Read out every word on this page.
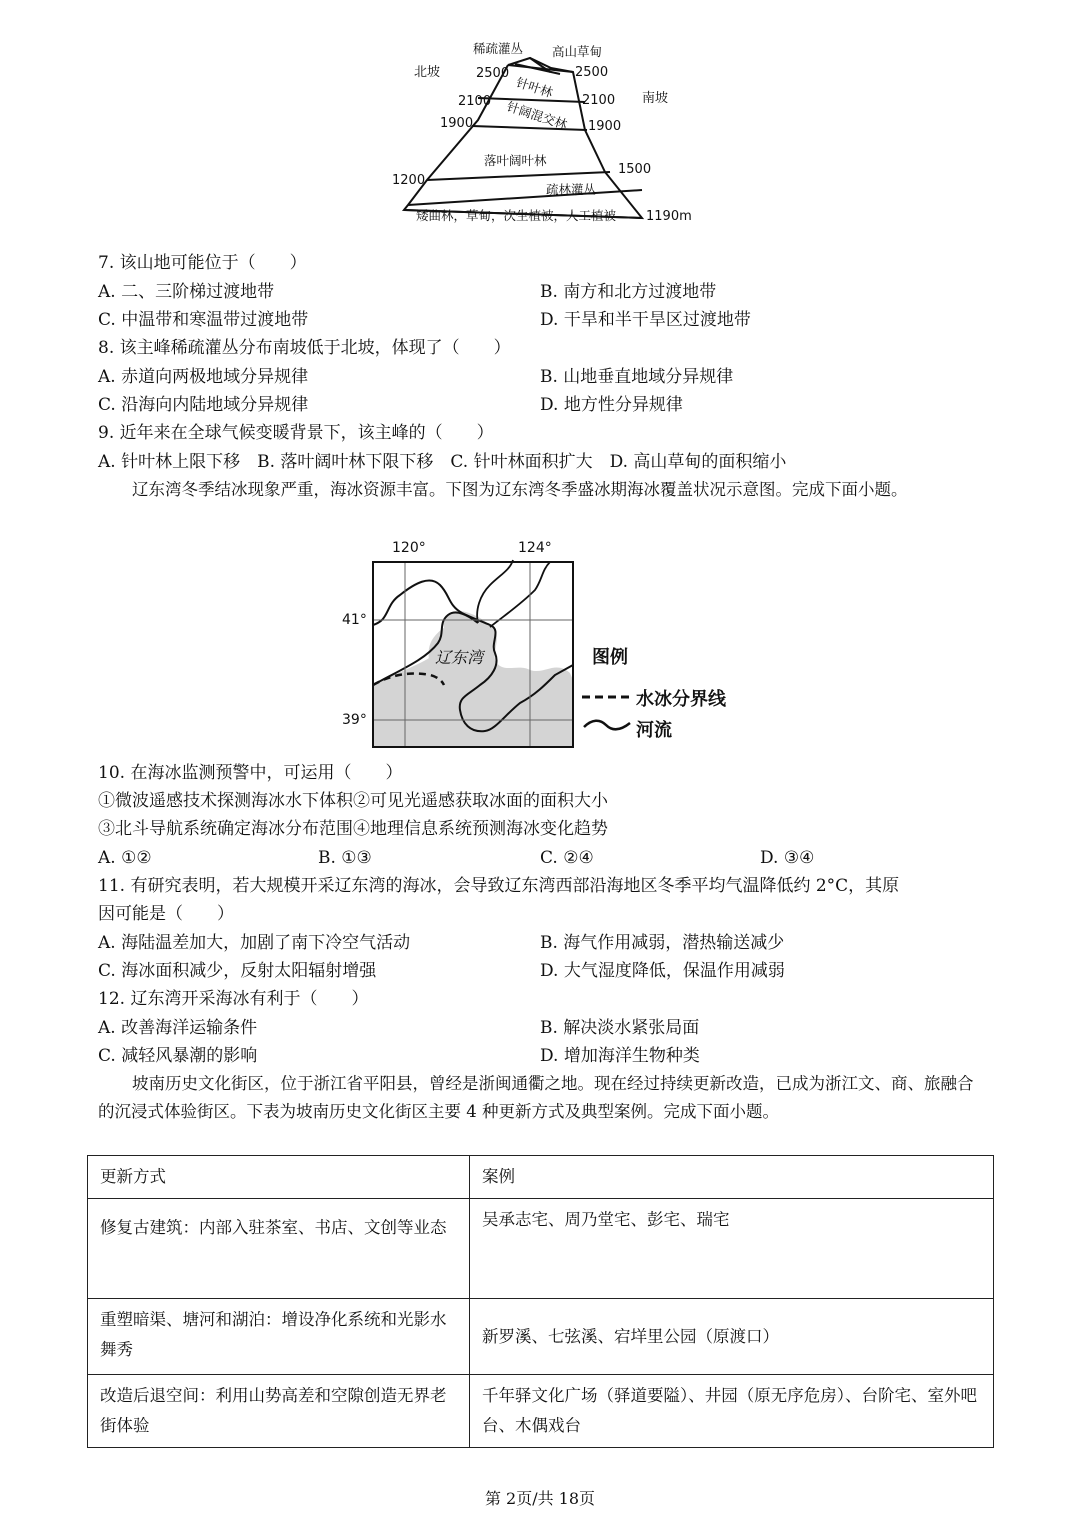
北坡
南坡
稀疏灌丛 高山草甸
2500	2500
针叶林
2100	2100
针阔混交林
1900	1900
落叶阔叶林
1500
1200
疏林灌丛
矮曲林，草甸，次生植被，人工植被 1190m
7. 该山地可能位于（　　）
A. 二、三阶梯过渡地带	B. 南方和北方过渡地带
C. 中温带和寒温带过渡地带	D. 干旱和半干旱区过渡地带
8. 该主峰稀疏灌丛分布南坡低于北坡，体现了（　　）
A. 赤道向两极地域分异规律	B. 山地垂直地域分异规律
C. 沿海向内陆地域分异规律	D. 地方性分异规律
9. 近年来在全球气候变暖背景下，该主峰的（　　）
A. 针叶林上限下移　B. 落叶阔叶林下限下移　C. 针叶林面积扩大　D. 高山草甸的面积缩小
辽东湾冬季结冰现象严重，海冰资源丰富。下图为辽东湾冬季盛冰期海冰覆盖状况示意图。完成下面小题。
120°	124°
41°
39°
辽东湾	图例
水冰分界线
河流
10. 在海冰监测预警中，可运用（　　）
①微波遥感技术探测海冰水下体积②可见光遥感获取冰面的面积大小
③北斗导航系统确定海冰分布范围④地理信息系统预测海冰变化趋势
A. ①②	B. ①③	C. ②④	D. ③④
11. 有研究表明，若大规模开采辽东湾的海冰，会导致辽东湾西部沿海地区冬季平均气温降低约 2°C，其原
因可能是（　　）
A. 海陆温差加大，加剧了南下冷空气活动	B. 海气作用减弱，潜热输送减少
C. 海冰面积减少，反射太阳辐射增强	D. 大气湿度降低，保温作用减弱
12. 辽东湾开采海冰有利于（　　）
A. 改善海洋运输条件	B. 解决淡水紧张局面
C. 减轻风暴潮的影响	D. 增加海洋生物种类
坡南历史文化街区，位于浙江省平阳县，曾经是浙闽通衢之地。现在经过持续更新改造，已成为浙江文、商、旅融合的沉浸式体验街区。下表为坡南历史文化街区主要 4 种更新方式及典型案例。完成下面小题。
更新方式	案例
修复古建筑：内部入驻茶室、书店、文创等业态	吴承志宅、周乃堂宅、彭宅、瑞宅
重塑暗渠、塘河和湖泊：增设净化系统和光影水舞秀	新罗溪、七弦溪、宕垟里公园（原渡口）
改造后退空间：利用山势高差和空隙创造无界老街体验	千年驿文化广场（驿道要隘）、井园（原无序危房）、台阶宅、室外吧台、木偶戏台
第 2页/共 18页
